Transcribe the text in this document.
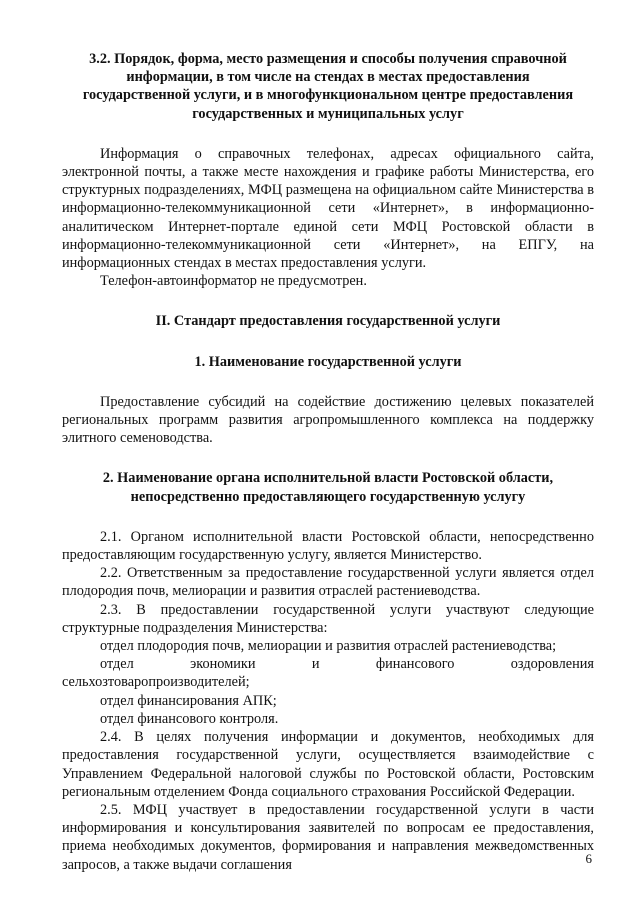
3.2. Порядок, форма, место размещения и способы получения справочной информации, в том числе на стендах в местах предоставления государственной услуги, и в многофункциональном центре предоставления государственных и муниципальных услуг

Информация о справочных телефонах, адресах официального сайта, электронной почты, а также месте нахождения и графике работы Министерства, его структурных подразделениях, МФЦ размещена на официальном сайте Министерства в информационно-телекоммуникационной сети «Интернет», в информационно-аналитическом Интернет-портале единой сети МФЦ Ростовской области в информационно-телекоммуникационной сети «Интернет», на ЕПГУ, на информационных стендах в местах предоставления услуги.

Телефон-автоинформатор не предусмотрен.

II. Стандарт предоставления государственной услуги

1. Наименование государственной услуги

Предоставление субсидий на содействие достижению целевых показателей региональных программ развития агропромышленного комплекса на поддержку элитного семеноводства.

2. Наименование органа исполнительной власти Ростовской области, непосредственно предоставляющего государственную услугу

2.1. Органом исполнительной власти Ростовской области, непосредственно предоставляющим государственную услугу, является Министерство.

2.2. Ответственным за предоставление государственной услуги является отдел плодородия почв, мелиорации и развития отраслей растениеводства.

2.3. В предоставлении государственной услуги участвуют следующие структурные подразделения Министерства:

отдел плодородия почв, мелиорации и развития отраслей растениеводства;

отдел	экономики	и	финансового	оздоровления

сельхозтоваропроизводителей;

отдел финансирования АПК;

отдел финансового контроля.

2.4. В целях получения информации и документов, необходимых для предоставления государственной услуги, осуществляется взаимодействие с Управлением Федеральной налоговой службы по Ростовской области, Ростовским региональным отделением Фонда социального страхования Российской Федерации.

2.5. МФЦ участвует в предоставлении государственной услуги в части информирования и консультирования заявителей по вопросам ее предоставления, приема необходимых документов, формирования и направления межведомственных запросов, а также выдачи соглашения	6
